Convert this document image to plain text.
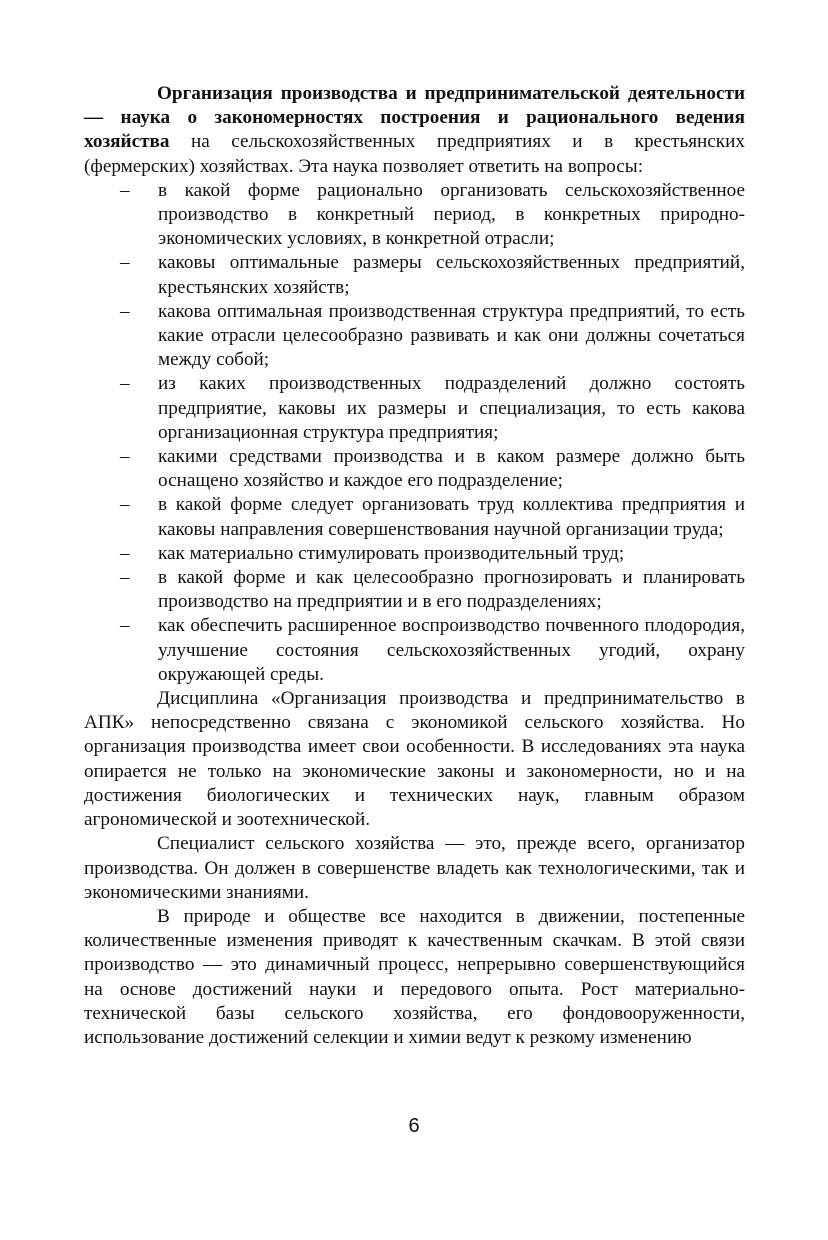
Организация производства и предпринимательской деятельности — наука о закономерностях построения и рационального ведения хозяйства на сельскохозяйственных предприятиях и в крестьянских (фермерских) хозяйствах. Эта наука позволяет ответить на вопросы:

– в какой форме рационально организовать сельскохозяйственное производство в конкретный период, в конкретных природно-экономических условиях, в конкретной отрасли;
– каковы оптимальные размеры сельскохозяйственных предприятий, крестьянских хозяйств;
– какова оптимальная производственная структура предприятий, то есть какие отрасли целесообразно развивать и как они должны сочетаться между собой;
– из каких производственных подразделений должно состоять предприятие, каковы их размеры и специализация, то есть какова организационная структура предприятия;
– какими средствами производства и в каком размере должно быть оснащено хозяйство и каждое его подразделение;
– в какой форме следует организовать труд коллектива предприятия и каковы направления совершенствования научной организации труда;
– как материально стимулировать производительный труд;
– в какой форме и как целесообразно прогнозировать и планировать производство на предприятии и в его подразделениях;
– как обеспечить расширенное воспроизводство почвенного плодородия, улучшение состояния сельскохозяйственных угодий, охрану окружающей среды.

Дисциплина «Организация производства и предпринимательство в АПК» непосредственно связана с экономикой сельского хозяйства. Но организация производства имеет свои особенности. В исследованиях эта наука опирается не только на экономические законы и закономерности, но и на достижения биологических и технических наук, главным образом агрономической и зоотехнической.

Специалист сельского хозяйства — это, прежде всего, организатор производства. Он должен в совершенстве владеть как технологическими, так и экономическими знаниями.

В природе и обществе все находится в движении, постепенные количественные изменения приводят к качественным скачкам. В этой связи производство — это динамичный процесс, непрерывно совершенствующийся на основе достижений науки и передового опыта. Рост материально-технической базы сельского хозяйства, его фондовооруженности, использование достижений селекции и химии ведут к резкому изменению

6
